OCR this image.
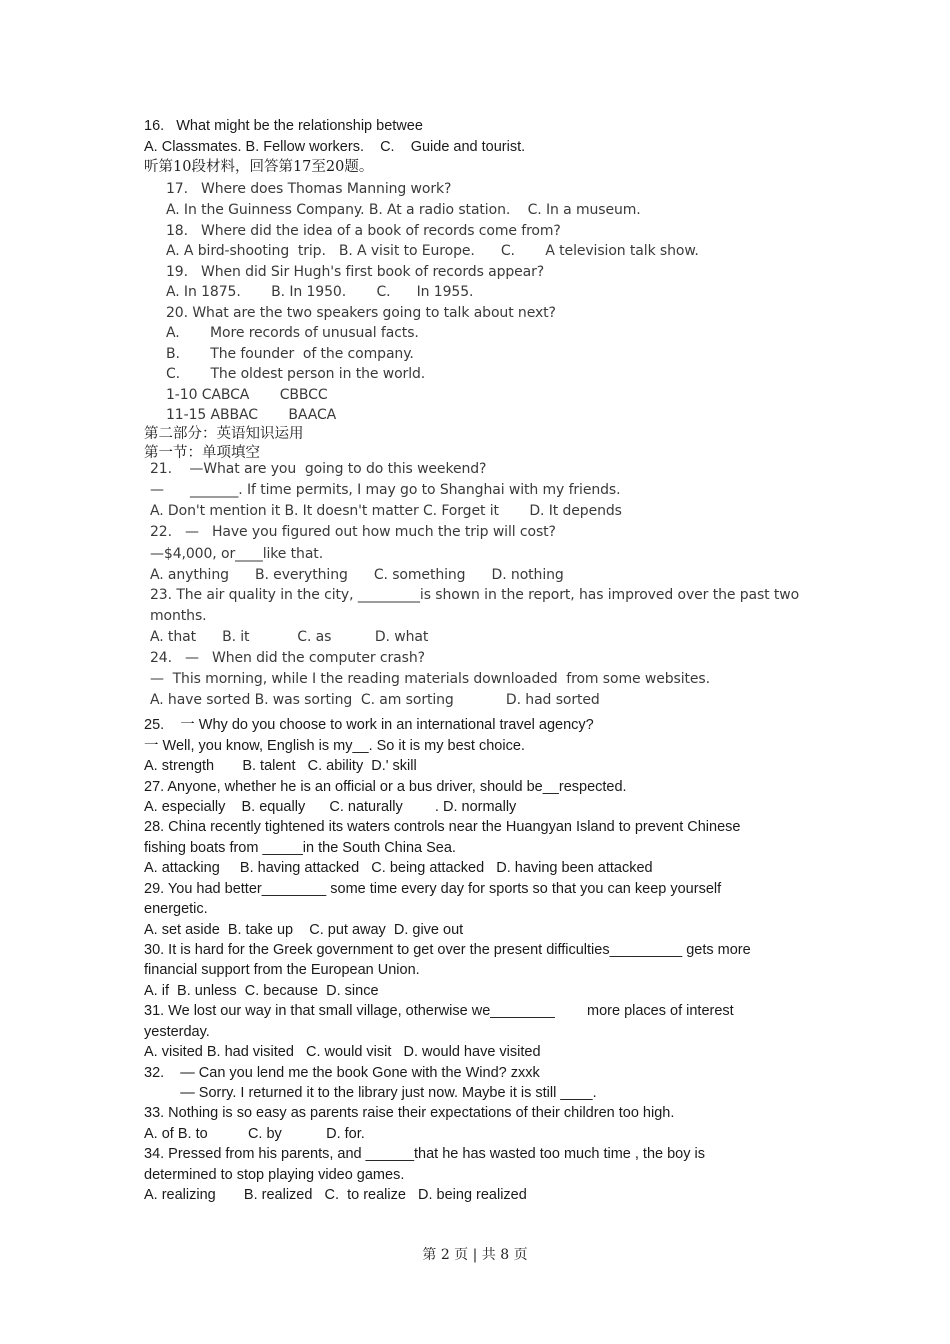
16.   What might be the relationship betwee
A. Classmates. B. Fellow workers.    C.    Guide and tourist.
听第10段材料，回答第17至20题。
17.   Where does Thomas Manning work?
A. In the Guinness Company. B. At a radio station.    C. In a museum.
18.   Where did the idea of a book of records come from?
A. A bird-shooting  trip.   B. A visit to Europe.      C.       A television talk show.
19.   When did Sir Hugh's first book of records appear?
A. In 1875.       B. In 1950.       C.      In 1955.
20. What are the two speakers going to talk about next?
A.       More records of unusual facts.
B.       The founder  of the company.
C.       The oldest person in the world.
1-10 CABCA       CBBCC
11-15 ABBAC       BAACA
第二部分：英语知识运用
第一节：单项填空
21.    —What are you  going to do this weekend?
—      _______. If time permits, I may go to Shanghai with my friends.
A. Don't mention it B. It doesn't matter C. Forget it       D. It depends
22.   —   Have you figured out how much the trip will cost?
—$4,000, or____like that.
A. anything      B. everything      C. something      D. nothing
23. The air quality in the city, _________is shown in the report, has improved over the past two
months.
A. that      B. it           C. as          D. what
24.   —   When did the computer crash?
—  This morning, while I the reading materials downloaded  from some websites.
A. have sorted B. was sorting  C. am sorting            D. had sorted
25.    一 Why do you choose to work in an international travel agency?
一 Well, you know, English is my__. So it is my best choice.
A. strength       B. talent   C. ability  D.' skill
27. Anyone, whether he is an official or a bus driver, should be__respected.
A. especially    B. equally      C. naturally        . D. normally
28. China recently tightened its waters controls near the Huangyan Island to prevent Chinese
fishing boats from _____in the South China Sea.
A. attacking     B. having attacked   C. being attacked   D. having been attacked
29. You had better________ some time every day for sports so that you can keep yourself
energetic.
A. set aside  B. take up    C. put away  D. give out
30. It is hard for the Greek government to get over the present difficulties_________ gets more
financial support from the European Union.
A. if  B. unless  C. because  D. since
31. We lost our way in that small village, otherwise we________        more places of interest
yesterday.
A. visited B. had visited   C. would visit   D. would have visited
32.    — Can you lend me the book Gone with the Wind? zxxk
— Sorry. I returned it to the library just now. Maybe it is still ____.
33. Nothing is so easy as parents raise their expectations of their children too high.
A. of B. to          C. by           D. for.
34. Pressed from his parents, and ______that he has wasted too much time , the boy is
determined to stop playing video games.
A. realizing       B. realized   C.  to realize   D. being realized
第 2 页 | 共 8 页
